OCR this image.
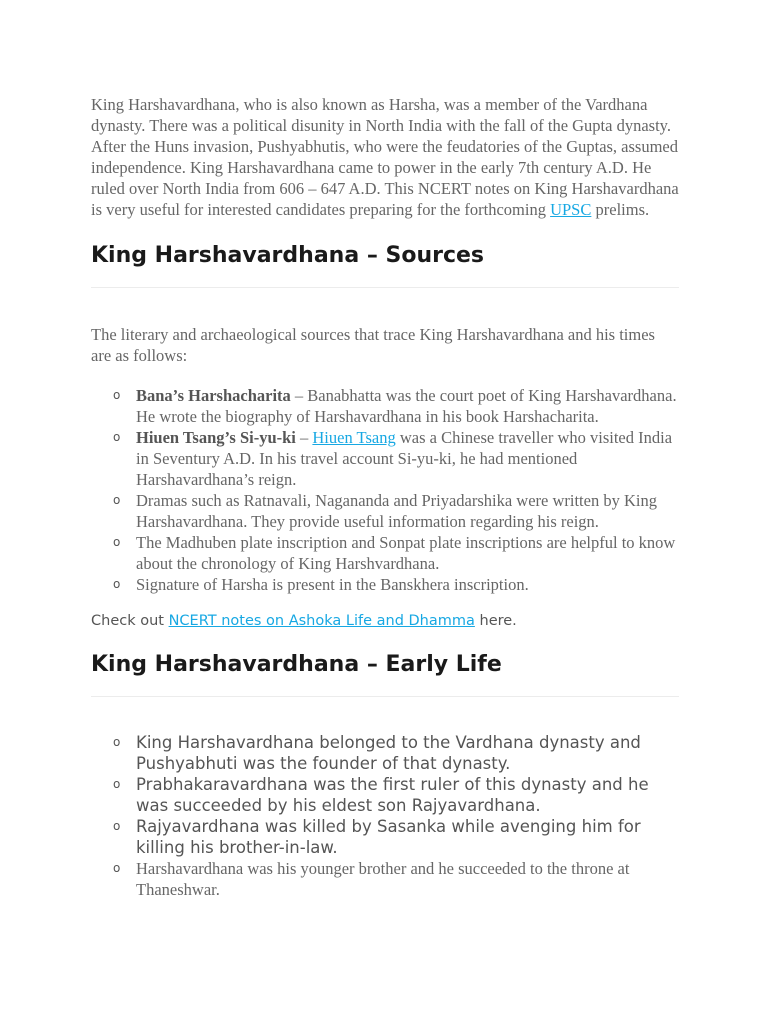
King Harshavardhana, who is also known as Harsha, was a member of the Vardhana dynasty. There was a political disunity in North India with the fall of the Gupta dynasty. After the Huns invasion, Pushyabhutis, who were the feudatories of the Guptas, assumed independence. King Harshavardhana came to power in the early 7th century A.D. He ruled over North India from 606 – 647 A.D. This NCERT notes on King Harshavardhana is very useful for interested candidates preparing for the forthcoming UPSC prelims.

King Harshavardhana – Sources

The literary and archaeological sources that trace King Harshavardhana and his times are as follows:

o Bana’s Harshacharita – Banabhatta was the court poet of King Harshavardhana. He wrote the biography of Harshavardhana in his book Harshacharita.
o Hiuen Tsang’s Si-yu-ki – Hiuen Tsang was a Chinese traveller who visited India in Seventury A.D. In his travel account Si-yu-ki, he had mentioned Harshavardhana’s reign.
o Dramas such as Ratnavali, Nagananda and Priyadarshika were written by King Harshavardhana. They provide useful information regarding his reign.
o The Madhuben plate inscription and Sonpat plate inscriptions are helpful to know about the chronology of King Harshvardhana.
o Signature of Harsha is present in the Banskhera inscription.

Check out NCERT notes on Ashoka Life and Dhamma here.

King Harshavardhana – Early Life
o King Harshavardhana belonged to the Vardhana dynasty and Pushyabhuti was the founder of that dynasty.
o Prabhakaravardhana was the first ruler of this dynasty and he was succeeded by his eldest son Rajyavardhana.
o Rajyavardhana was killed by Sasanka while avenging him for killing his brother-in-law.
o Harshavardhana was his younger brother and he succeeded to the throne at Thaneshwar.
